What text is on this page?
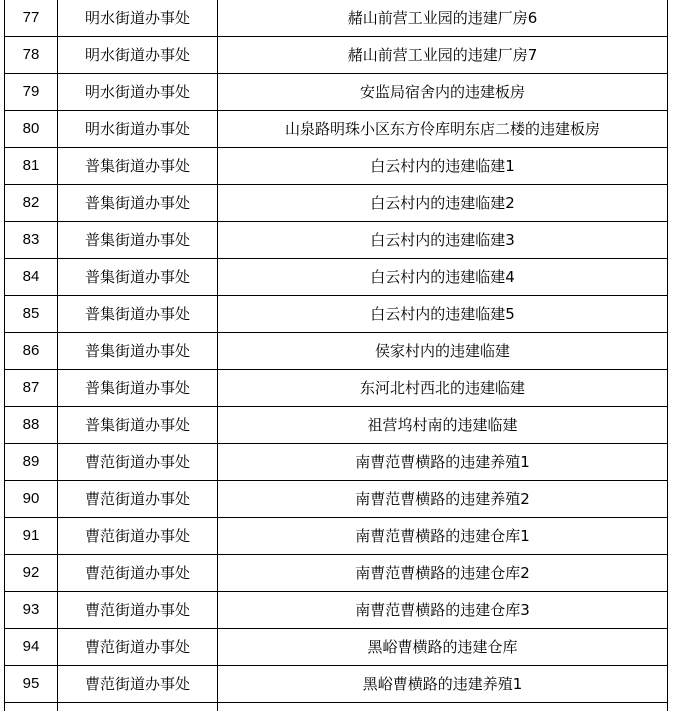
77	明水街道办事处	赭山前营工业园的违建厂房6
78	明水街道办事处	赭山前营工业园的违建厂房7
79	明水街道办事处	安监局宿舍内的违建板房
80	明水街道办事处	山泉路明珠小区东方伶库明东店二楼的违建板房
81	普集街道办事处	白云村内的违建临建1
82	普集街道办事处	白云村内的违建临建2
83	普集街道办事处	白云村内的违建临建3
84	普集街道办事处	白云村内的违建临建4
85	普集街道办事处	白云村内的违建临建5
86	普集街道办事处	侯家村内的违建临建
87	普集街道办事处	东河北村西北的违建临建
88	普集街道办事处	祖营坞村南的违建临建
89	曹范街道办事处	南曹范曹横路的违建养殖1
90	曹范街道办事处	南曹范曹横路的违建养殖2
91	曹范街道办事处	南曹范曹横路的违建仓库1
92	曹范街道办事处	南曹范曹横路的违建仓库2
93	曹范街道办事处	南曹范曹横路的违建仓库3
94	曹范街道办事处	黑峪曹横路的违建仓库
95	曹范街道办事处	黑峪曹横路的违建养殖1
